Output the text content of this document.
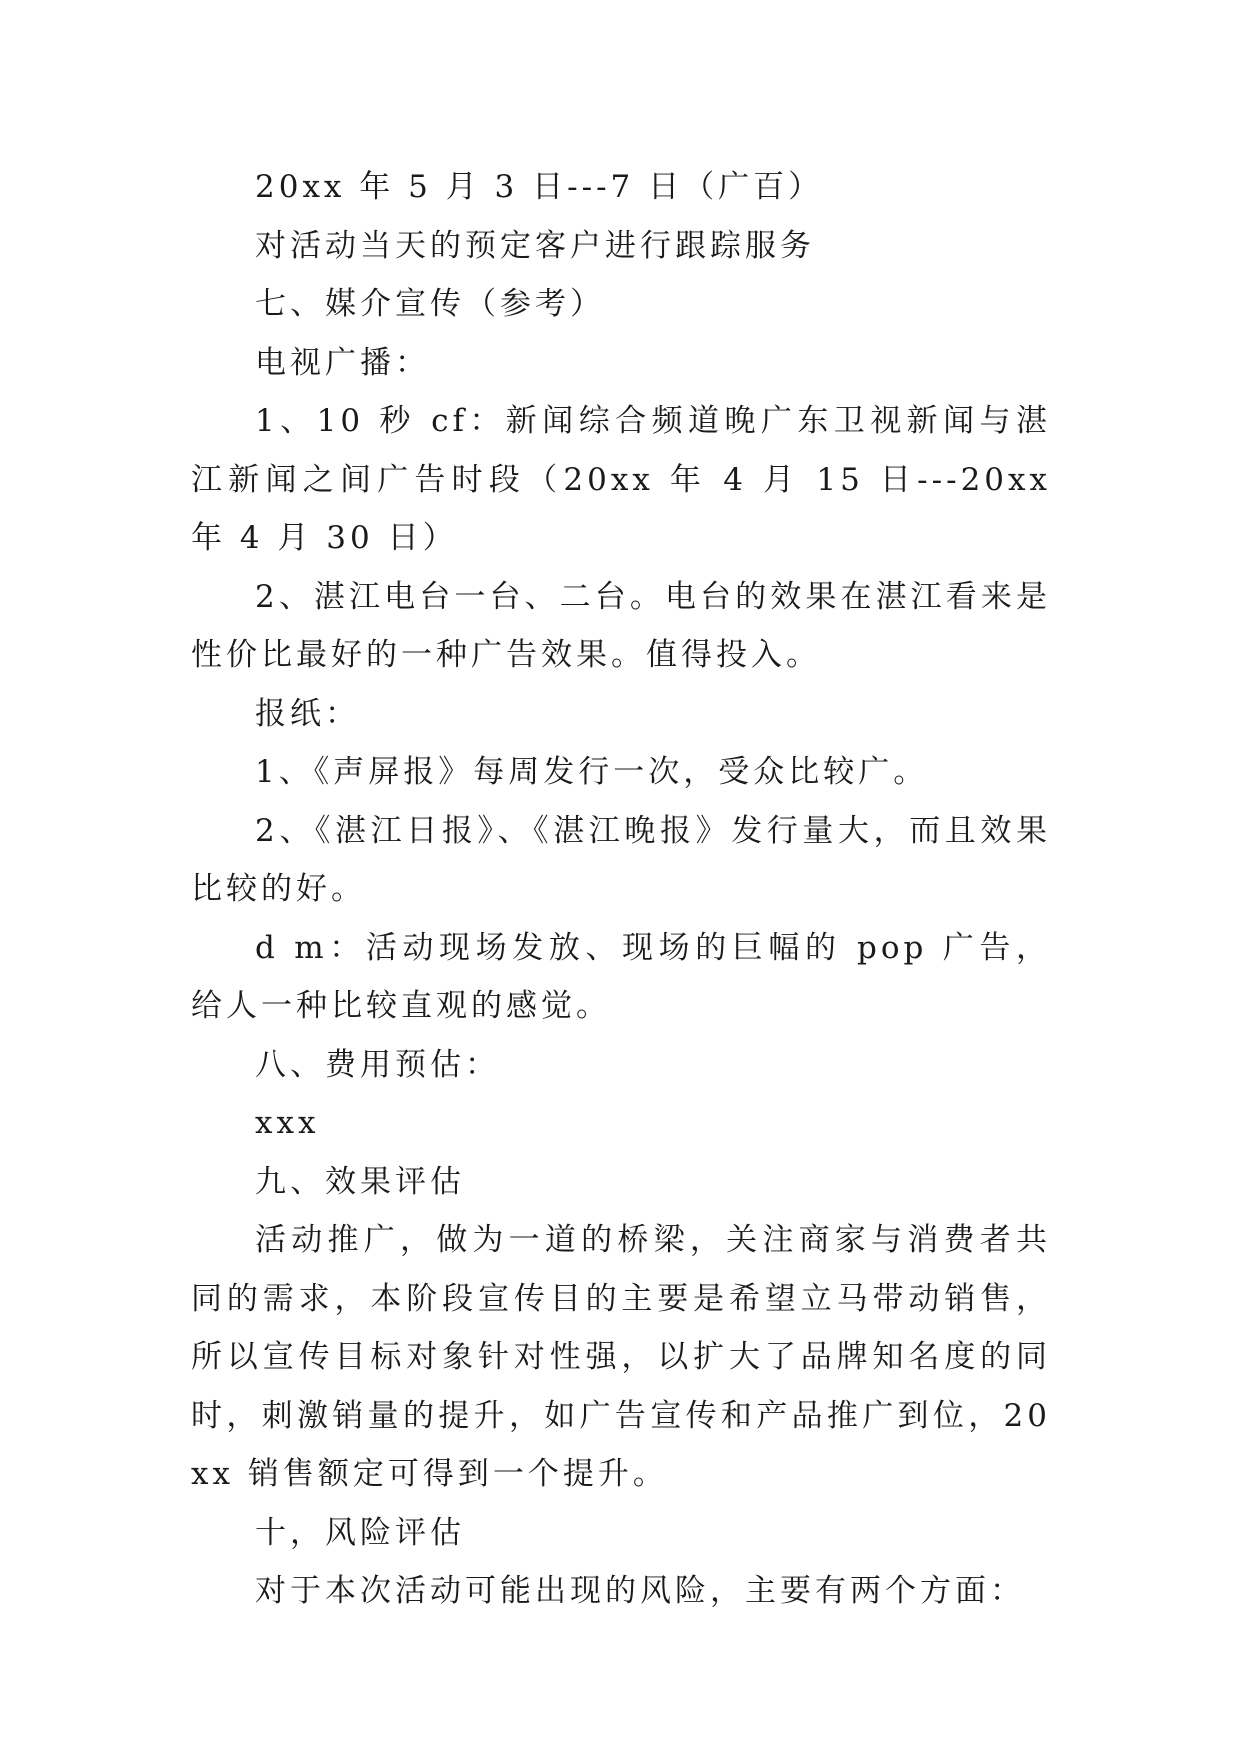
20xx 年 5 月 3 日---7 日（广百）

对活动当天的预定客户进行跟踪服务

七、媒介宣传（参考）

电视广播：

1、10 秒 cf：新闻综合频道晚广东卫视新闻与湛江新闻之间广告时段（20xx 年 4 月 15 日---20xx 年 4 月 30 日）

2、湛江电台一台、二台。电台的效果在湛江看来是性价比最好的一种广告效果。值得投入。

报纸：

1、《声屏报》每周发行一次，受众比较广。

2、《湛江日报》、《湛江晚报》发行量大，而且效果比较的好。

d m：活动现场发放、现场的巨幅的 pop 广告，给人一种比较直观的感觉。

八、费用预估：

xxx

九、效果评估

活动推广，做为一道的桥梁，关注商家与消费者共同的需求，本阶段宣传目的主要是希望立马带动销售，所以宣传目标对象针对性强，以扩大了品牌知名度的同时，刺激销量的提升，如广告宣传和产品推广到位，20xx 销售额定可得到一个提升。

十，风险评估

对于本次活动可能出现的风险，主要有两个方面：
